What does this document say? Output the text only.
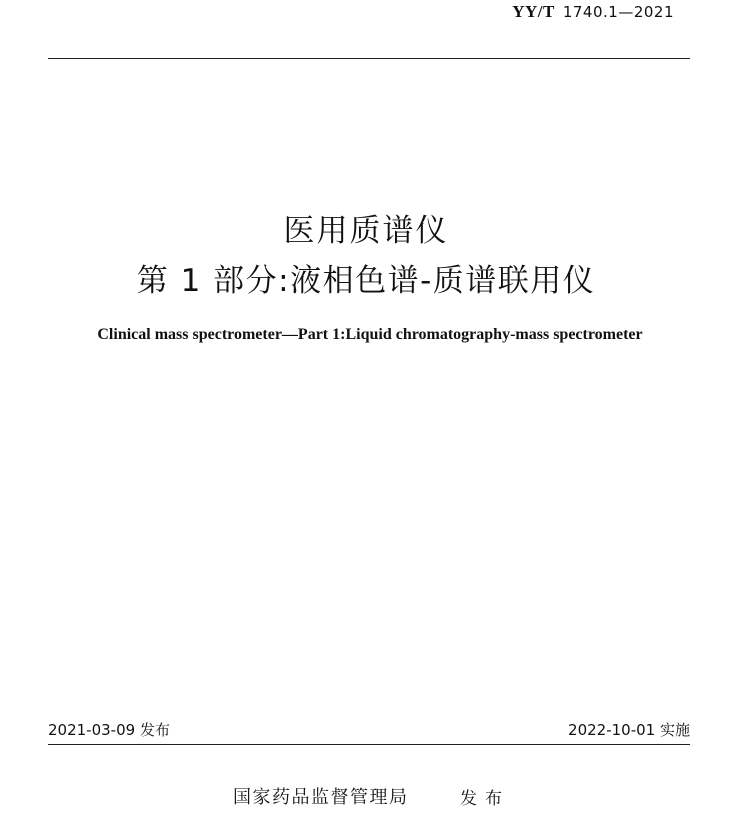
YY/T 1740.1—2021
医用质谱仪
第 1 部分:液相色谱-质谱联用仪
Clinical mass spectrometer—Part 1:Liquid chromatography-mass spectrometer
2021-03-09 发布	2022-10-01 实施
国家药品监督管理局	发布
